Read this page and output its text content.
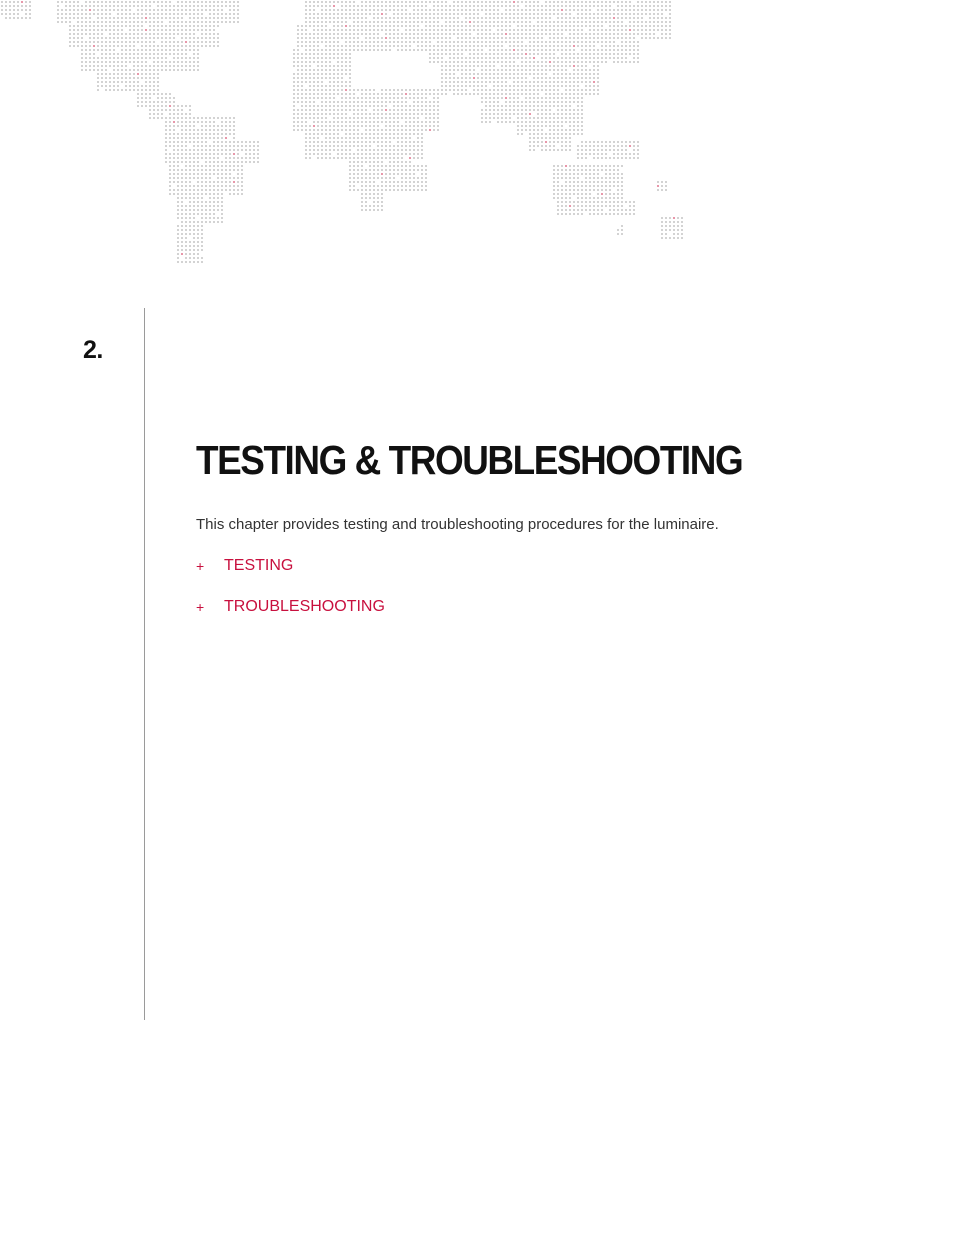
2.
TESTING & TROUBLESHOOTING
This chapter provides testing and troubleshooting procedures for the luminaire.
+	TESTING
+	TROUBLESHOOTING
